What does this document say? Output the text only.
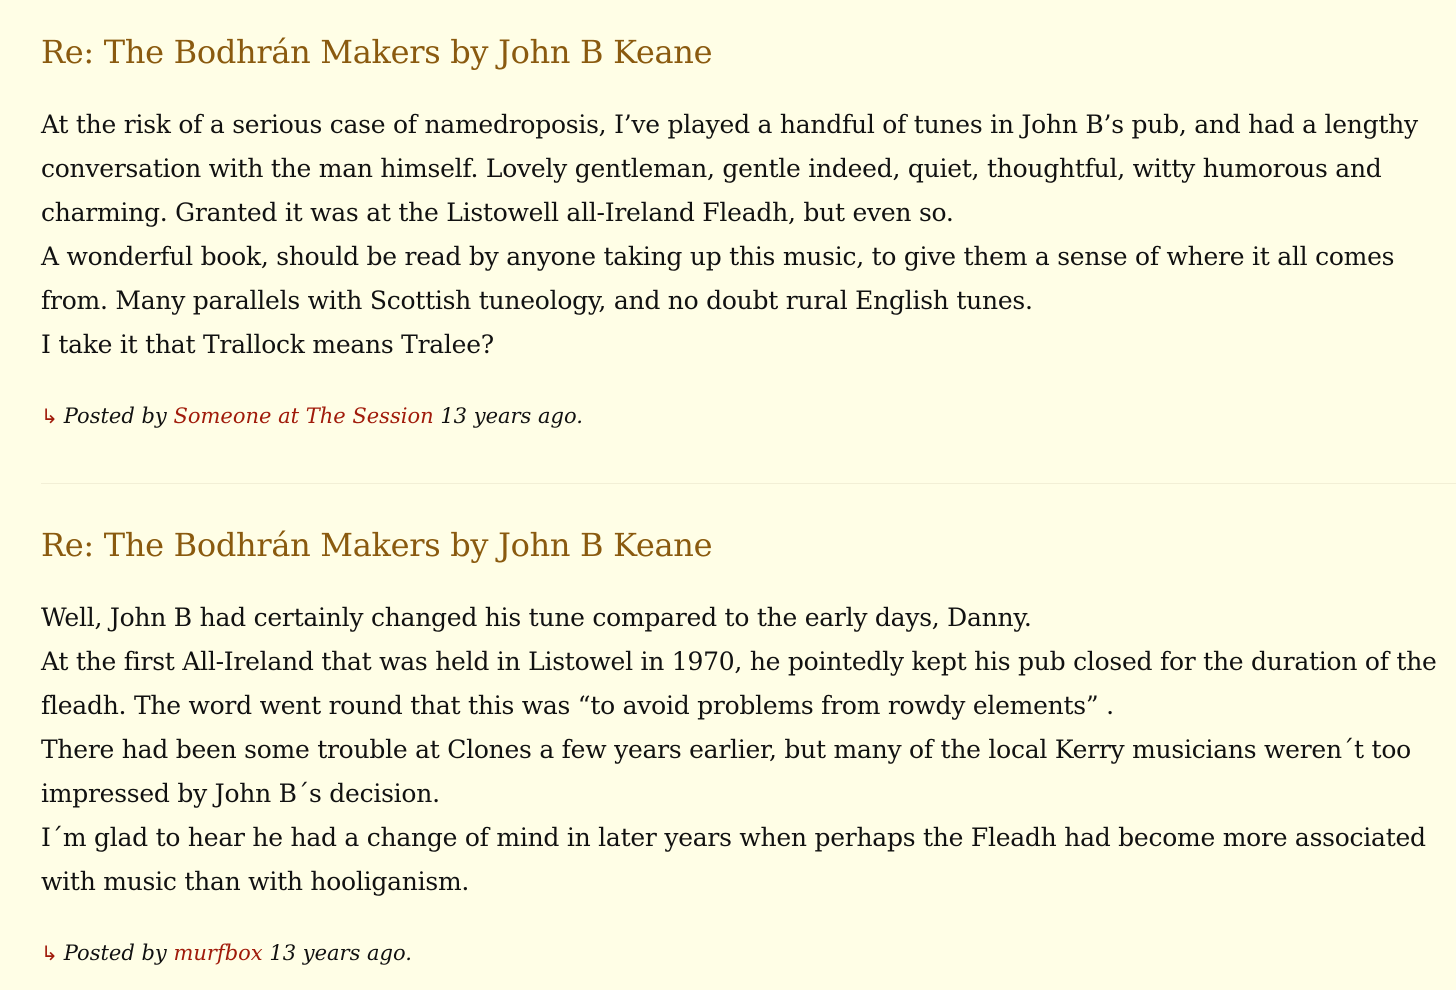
Re: The Bodhrán Makers by John B Keane

At the risk of a serious case of namedroposis, I’ve played a handful of tunes in John B’s pub, and had a lengthy conversation with the man himself. Lovely gentleman, gentle indeed, quiet, thoughtful, witty humorous and charming. Granted it was at the Listowell all-Ireland Fleadh, but even so.

A wonderful book, should be read by anyone taking up this music, to give them a sense of where it all comes from. Many parallels with Scottish tuneology, and no doubt rural English tunes.

I take it that Trallock means Tralee?

↳ Posted by Someone at The Session 13 years ago.
Re: The Bodhrán Makers by John B Keane

Well, John B had certainly changed his tune compared to the early days, Danny.

At the first All-Ireland that was held in Listowel in 1970, he pointedly kept his pub closed for the duration of the fleadh. The word went round that this was “to avoid problems from rowdy elements” .

There had been some trouble at Clones a few years earlier, but many of the local Kerry musicians weren´t too impressed by John B´s decision.

I´m glad to hear he had a change of mind in later years when perhaps the Fleadh had become more associated with music than with hooliganism.

↳ Posted by murfbox 13 years ago.
